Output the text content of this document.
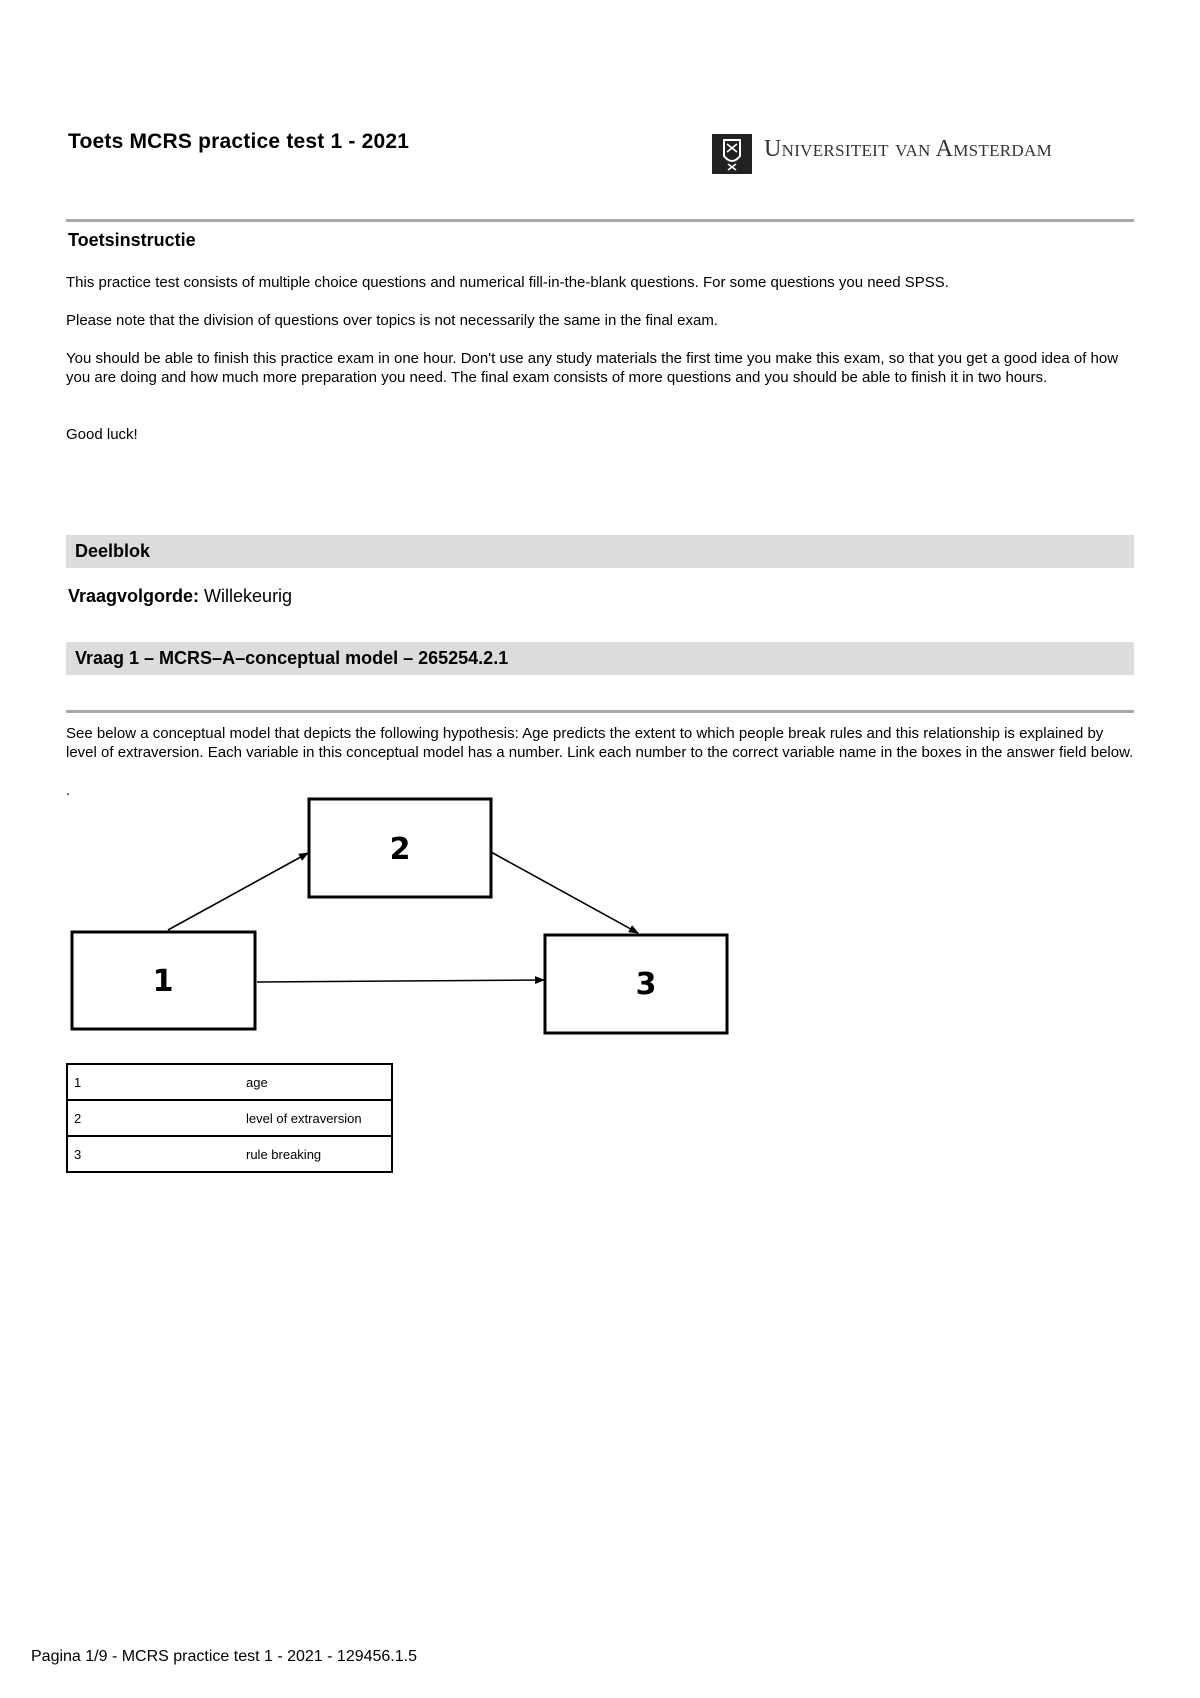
Toets MCRS practice test 1 - 2021	Universiteit van Amsterdam
Toetsinstructie
This practice test consists of multiple choice questions and numerical fill-in-the-blank questions. For some questions you need SPSS.
Please note that the division of questions over topics is not necessarily the same in the final exam.
You should be able to finish this practice exam in one hour. Don't use any study materials the first time you make this exam, so that you get a good idea of how you are doing and how much more preparation you need. The final exam consists of more questions and you should be able to finish it in two hours.
Good luck!
Deelblok
Vraagvolgorde: Willekeurig
Vraag 1 – MCRS–A–conceptual model – 265254.2.1
See below a conceptual model that depicts the following hypothesis: Age predicts the extent to which people break rules and this relationship is explained by level of extraversion. Each variable in this conceptual model has a number. Link each number to the correct variable name in the boxes in the answer field below.
.
1
2
3
1	age
2	level of extraversion
3	rule breaking
Pagina 1/9 - MCRS practice test 1 - 2021 - 129456.1.5
